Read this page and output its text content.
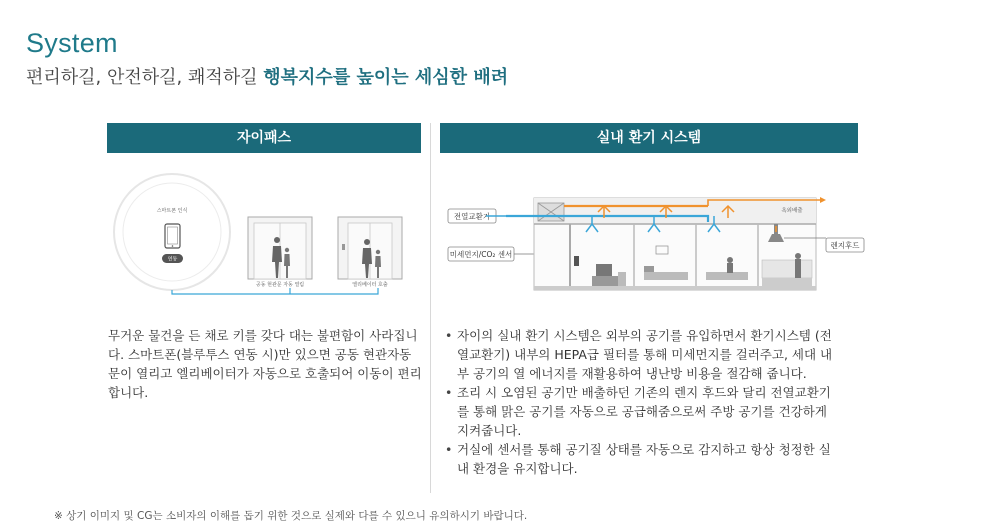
System
편리하길, 안전하길, 쾌적하길 행복지수를 높이는 세심한 배려
자이패스
스마트폰 인식
연동
공동 현관문 자동 열림	엘리베이터 호출
무거운 물건을 든 채로 키를 갖다 대는 불편함이 사라집니다. 스마트폰(블루투스 연동 시)만 있으면 공동 현관자동문이 열리고 엘리베이터가 자동으로 호출되어 이동이 편리합니다.
실내 환기 시스템
전열교환기
미세먼지/CO₂ 센서
욕외배출
렌지후드
• 자이의 실내 환기 시스템은 외부의 공기를 유입하면서 환기시스템 (전열교환기) 내부의 HEPA급 필터를 통해 미세먼지를 걸러주고, 세대 내부 공기의 열 에너지를 재활용하여 냉난방 비용을 절감해 줍니다.
• 조리 시 오염된 공기만 배출하던 기존의 렌지 후드와 달리 전열교환기를 통해 맑은 공기를 자동으로 공급해줌으로써 주방 공기를 건강하게 지켜줍니다.
• 거실에 센서를 통해 공기질 상태를 자동으로 감지하고 항상 청정한 실내 환경을 유지합니다.
※ 상기 이미지 및 CG는 소비자의 이해를 돕기 위한 것으로 실제와 다를 수 있으니 유의하시기 바랍니다.
